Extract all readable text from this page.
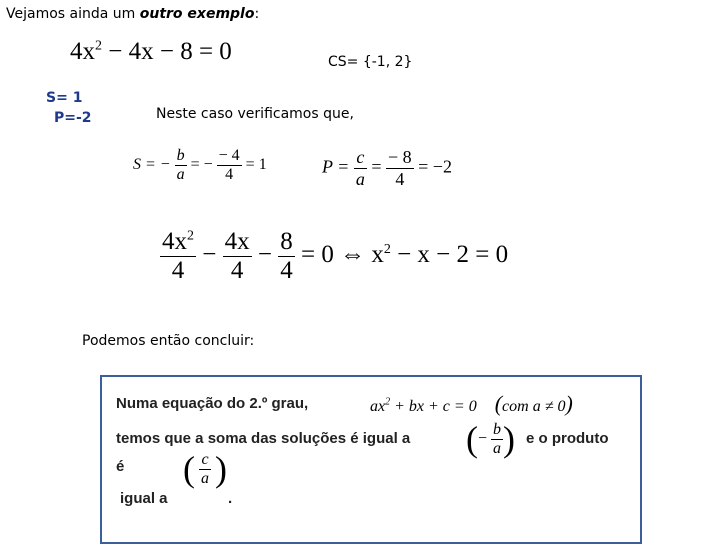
Vejamos ainda um outro exemplo:
$4x^2 - 4x - 8 = 0$	CS= {-1, 2}
S= 1
P=-2	Neste caso verificamos que,
S = − $\frac{b}{a}$ = − $\frac{- 4}{4} = 1$	$P = \frac{c}{a} = \frac{- 8}{4} = -2$
$\frac{4x^2}{4} - \frac{4x}{4} - \frac{8}{4} = 0$ ⇔ $x^2 - x - 2 = 0$
Podemos então concluir:
Numa equação do 2.º grau,	$ax^2$ + bx + c = 0 (com a ≠ 0)
temos que a soma das soluções é igual a (− $\frac{b}{a}$ ) e o produto
é ( $\frac{c}{a}$ )
igual a	.
